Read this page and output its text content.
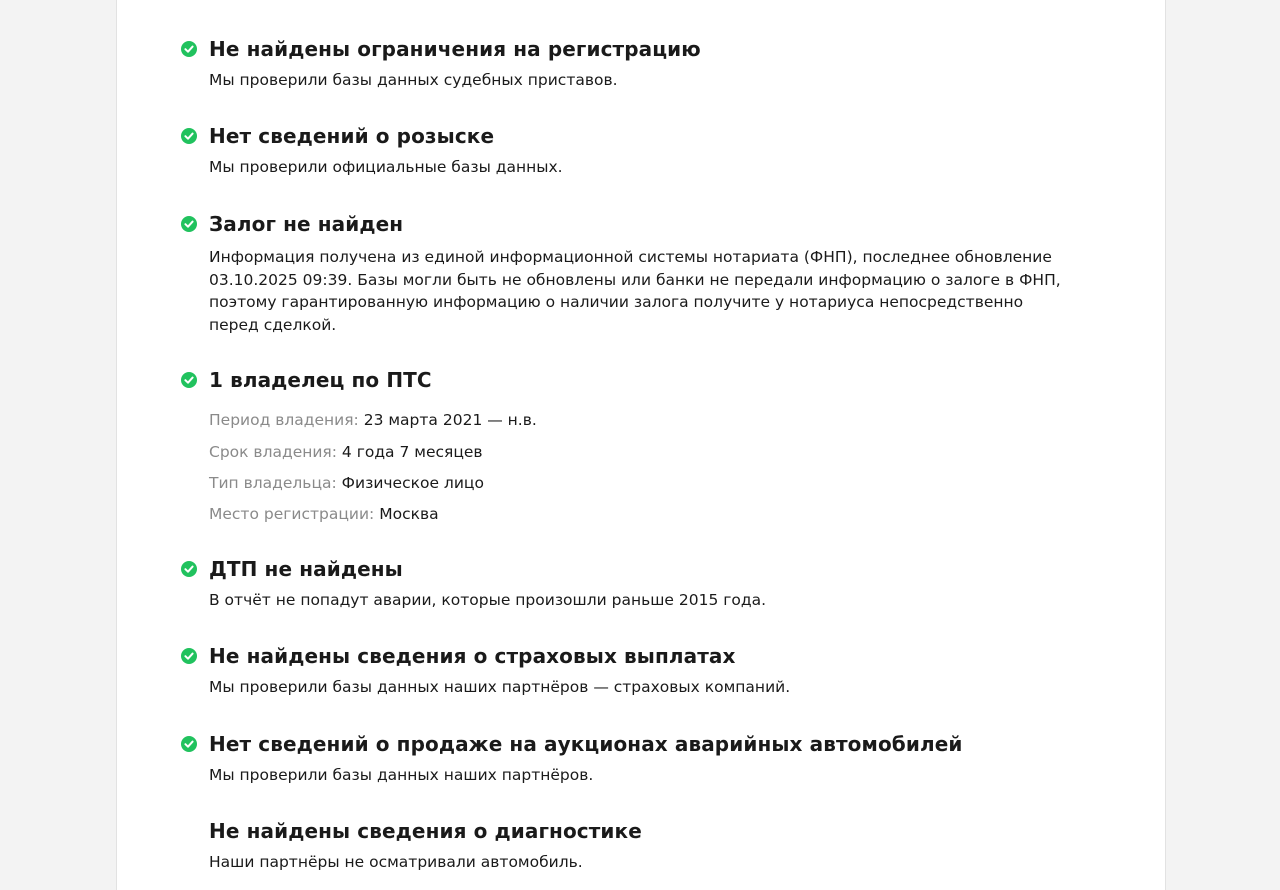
Не найдены ограничения на регистрацию
Мы проверили базы данных судебных приставов.
Нет сведений о розыске
Мы проверили официальные базы данных.
Залог не найден
Информация получена из единой информационной системы нотариата (ФНП), последнее обновление 03.10.2025 09:39. Базы могли быть не обновлены или банки не передали информацию о залоге в ФНП, поэтому гарантированную информацию о наличии залога получите у нотариуса непосредственно перед сделкой.
1 владелец по ПТС
Период владения: 23 марта 2021 — н.в.
Срок владения: 4 года 7 месяцев
Тип владельца: Физическое лицо
Место регистрации: Москва
ДТП не найдены
В отчёт не попадут аварии, которые произошли раньше 2015 года.
Не найдены сведения о страховых выплатах
Мы проверили базы данных наших партнёров — страховых компаний.
Нет сведений о продаже на аукционах аварийных автомобилей
Мы проверили базы данных наших партнёров.
Не найдены сведения о диагностике
Наши партнёры не осматривали автомобиль.
